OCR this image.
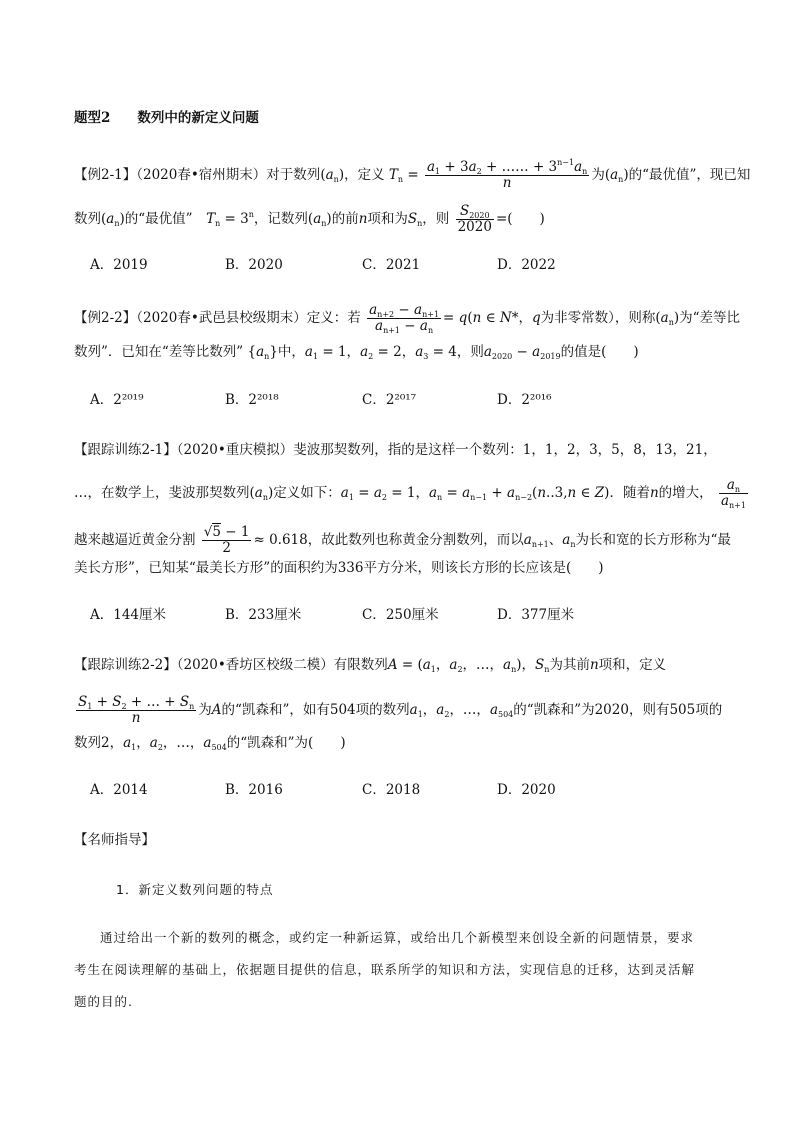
题型2　　数列中的新定义问题
【例2-1】（2020春•宿州期末）对于数列$(a_n)$，定义 $T_n = \frac{a_1 + 3a_2 + \dots\dots + 3^{n-1}a_n}{n}$ 为$(a_n)$的“最优值”，现已知
数列$(a_n)$的“最优值”　 $T_n = 3^n$，记数列$(a_n)$的前n项和为$S_n$，则 $\frac{S_{2020}}{2020}$ =(　　)
A．2019	B．2020	C．2021	D．2022
【例2-2】（2020春•武邑县校级期末）定义：若 $\frac{a_{n+2} - a_{n+1}}{a_{n+1} - a_n} = q(n$ ∈ N*，q为非零常数），则称$(a_n)$为“差等比
数列”．已知在“差等比数列” $\{a_n\}$中，$a_1 = 1$，$a_2 = 2$，$a_3 = 4$，则$a_{2020} - a_{2019}$的值是(　　)
A．2²⁰¹⁹	B．2²⁰¹⁸	C．2²⁰¹⁷	D．2²⁰¹⁶
【跟踪训练2-1】（2020•重庆模拟）斐波那契数列，指的是这样一个数列：1，1，2，3，5，8，13，21，
…，在数学上，斐波那契数列$(a_n)$定义如下：$a_1 = a_2 = 1$，$a_n = a_{n-1} + a_{n-2}(n..3,n$ ∈ Z)．随着n的增大， $\frac{a_n}{a_{n+1}}$
越来越逼近黄金分割 $\frac{√5 - 1}{2} \approx 0.618$，故此数列也称黄金分割数列，而以$a_{n+1}$、$a_n$为长和宽的长方形称为“最
美长方形”，已知某“最美长方形”的面积约为336平方分米，则该长方形的长应该是(　　)
A．144厘米	B．233厘米	C．250厘米	D．377厘米
【跟踪训练2-2】（2020•香坊区校级二模）有限数列$A = (a_1$，$a_2$，…，$a_n$)，$S_n$为其前n项和，定义
$\frac{S_1 + S_2 + \dots + S_n}{n}$ 为A的“凯森和”，如有504项的数列$a_1$，$a_2$，…，$a_{504}$的“凯森和”为2020，则有505项的
数列2，$a_1$，$a_2$，…，$a_{504}$的“凯森和”为(　　)
A．2014	B．2016	C．2018	D．2020
【名师指导】
1．新定义数列问题的特点
通过给出一个新的数列的概念，或约定一种新运算，或给出几个新模型来创设全新的问题情景，要求
考生在阅读理解的基础上，依据题目提供的信息，联系所学的知识和方法，实现信息的迁移，达到灵活解
题的目的.
